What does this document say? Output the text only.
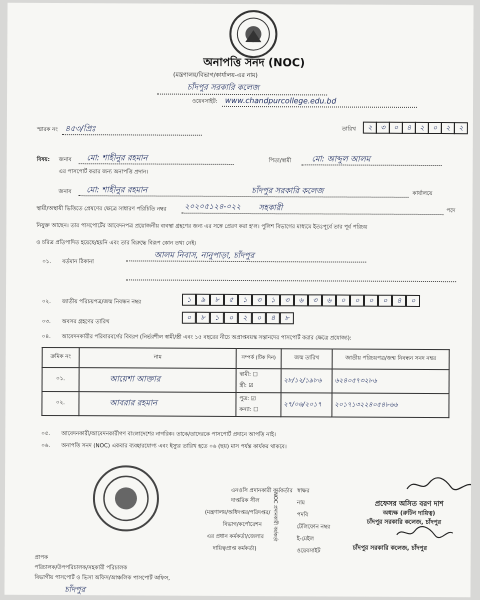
অনাপত্তি সনদ (NOC)
(মন্ত্রণালয়/বিভাগ/কার্যালয়-এর নাম)
চাঁদপুর সরকারি কলেজ
ওয়েবসাইট: www.chandpurcollege.edu.bd
স্মারক নং ৪৫৩/প্রিঃ	তারিখ	২	৩	০	৪	২	০	২	২
বিষয়: জনাব মো: শাহীনুর রহমান	পিতা/স্বামী	মো: আব্দুল আলম
এর পাসপোর্ট করার জন্য অনাপত্তি প্রদান।
জনাব মো: শাহীনুর রহমান	চাঁদপুর সরকারি কলেজ	কার্যালয়ে
স্থায়ী/অস্থায়ী ভিত্তিতে প্রেষণের ক্ষেত্রে সাধারণ পরিচিতি নম্বর ২০২০৫১২৪-০২২ সহকারী	পদে
নিযুক্ত আছেন। তার পাসপোর্টের আবেদনপত্র প্রয়োজনীয় ব্যবস্থা গ্রহণের জন্য এর সঙ্গে প্রেরণ করা হ'ল। পুলিশ বিভাগের মাধ্যমে ইতঃপূর্বে তার পূর্ব পরিচয়
ও চরিত্র প্রতিপাদিত হয়েছে/হয়নি এবং তার বিরুদ্ধে বিরূপ কোন তথ্য নেই।
০১. বর্তমান ঠিকানা
আলম নিবাস, নানুপাড়া, চাঁদপুর
০২. জাতীয় পরিচয়পত্র/জন্ম নিবন্ধন নম্বর	১	৯	৮	৫	১	৩	১	৩	৬	৩	৬	০	০	০	০	৪	০
০৩. অবসর গ্রহণের তারিখ
০	৮	১	০	২	০	৪	৮
০৪. আবেদনকারীর পরিবারবর্গের বিবরণ (নির্ভরশীল স্বামী/স্ত্রী এবং ১৫ বছরের নীচে অপ্রাপ্তবয়স্ক সন্তানদের পাসপোর্ট করার ক্ষেত্রে প্রযোজ্য):
ক্রমিক নং	নাম	সম্পর্ক (টিক দিন)	জন্ম তারিখ	জাতীয় পরিচয়পত্র/জন্ম নিবন্ধন সনদ নম্বর
০১.	আয়েশা আক্তার	স্বামী: ☐
স্ত্রী: ☑	২৮/১২/১৯৮৬	৬২৪০৫৭৩২৮৬
০২.	আবরার রহমান	পুত্র: ☑
কন্যা: ☐	২৭/০৬/২০১৭	২০১৭১৩২২৪০৫৪৮৬৬
০৫. আবেদনকারী/আবেদনকারীগণ বাংলাদেশের নাগরিক। তাকে/তাদেরকে পাসপোর্ট প্রদানে আপত্তি নাই।
০৬. অনাপত্তি সনদ (NOC) একবার ব্যবহারযোগ্য এবং ইস্যুর তারিখ হতে ০৬ (ছয়) মাস পর্যন্ত কার্যকর থাকবে।
এনওসি প্রদানকারী কর্মকর্তার
দাপ্তরিক সীল
(মন্ত্রণালয়/অধিদপ্তর/পরিদপ্তর/
বিভাগ/কর্পোরেশন
এর প্রধান কর্মকর্তা/জেলার
দায়িত্বপ্রাপ্ত কর্মকর্তা)
NOC প্রদানকারী কর্মকর্তা
স্বাক্ষর
নাম
পদবি
টেলিফোন নম্বর
ই-মেইল
ওয়েবসাইট
প্রফেসর অসিত বরণ দাশ
অধ্যক্ষ (রুটিন দায়িত্ব)
চাঁদপুর সরকারি কলেজ, চাঁদপুর
চাঁদপুর সরকারি কলেজ, চাঁদপুর
প্রাপক
পরিচালক/উপপরিচালক/সহকারী পরিচালক
বিভাগীয় পাসপোর্ট ও ভিসা অফিস/আঞ্চলিক পাসপোর্ট অফিস,
চাঁদপুর
